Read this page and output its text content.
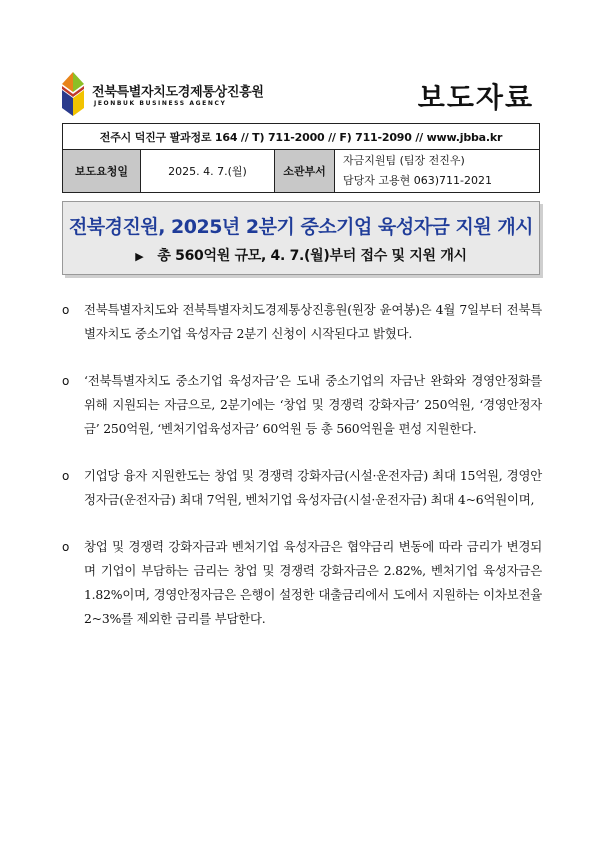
전북특별자치도경제통상진흥원
JEONBUK BUSINESS AGENCY	보도자료
전주시 덕진구 팔과정로 164 // T) 711-2000 // F) 711-2090 // www.jbba.kr
보도요청일	2025. 4. 7.(월)	소관부서	
자금지원팀 (팀장 전진우)
담당자 고용현 063)711-2021
전북경진원, 2025년 2분기 중소기업 육성자금 지원 개시
▶ 총 560억원 규모, 4. 7.(월)부터 접수 및 지원 개시
o 전북특별자치도와 전북특별자치도경제통상진흥원(원장 윤여봉)은 4월 7일부터 전북특별자치도 중소기업 육성자금 2분기 신청이 시작된다고 밝혔다.
o ‘전북특별자치도 중소기업 육성자금’은 도내 중소기업의 자금난 완화와 경영안정화를 위해 지원되는 자금으로, 2분기에는 ‘창업 및 경쟁력 강화자금’ 250억원, ‘경영안정자금’ 250억원, ‘벤처기업육성자금’ 60억원 등 총 560억원을 편성 지원한다.
o 기업당 융자 지원한도는 창업 및 경쟁력 강화자금(시설·운전자금) 최대 15억원, 경영안정자금(운전자금) 최대 7억원, 벤처기업 육성자금(시설·운전자금) 최대 4~6억원이며,
o 창업 및 경쟁력 강화자금과 벤처기업 육성자금은 협약금리 변동에 따라 금리가 변경되며 기업이 부담하는 금리는 창업 및 경쟁력 강화자금은 2.82%, 벤처기업 육성자금은 1.82%이며, 경영안정자금은 은행이 설정한 대출금리에서 도에서 지원하는 이차보전율 2~3%를 제외한 금리를 부담한다.
